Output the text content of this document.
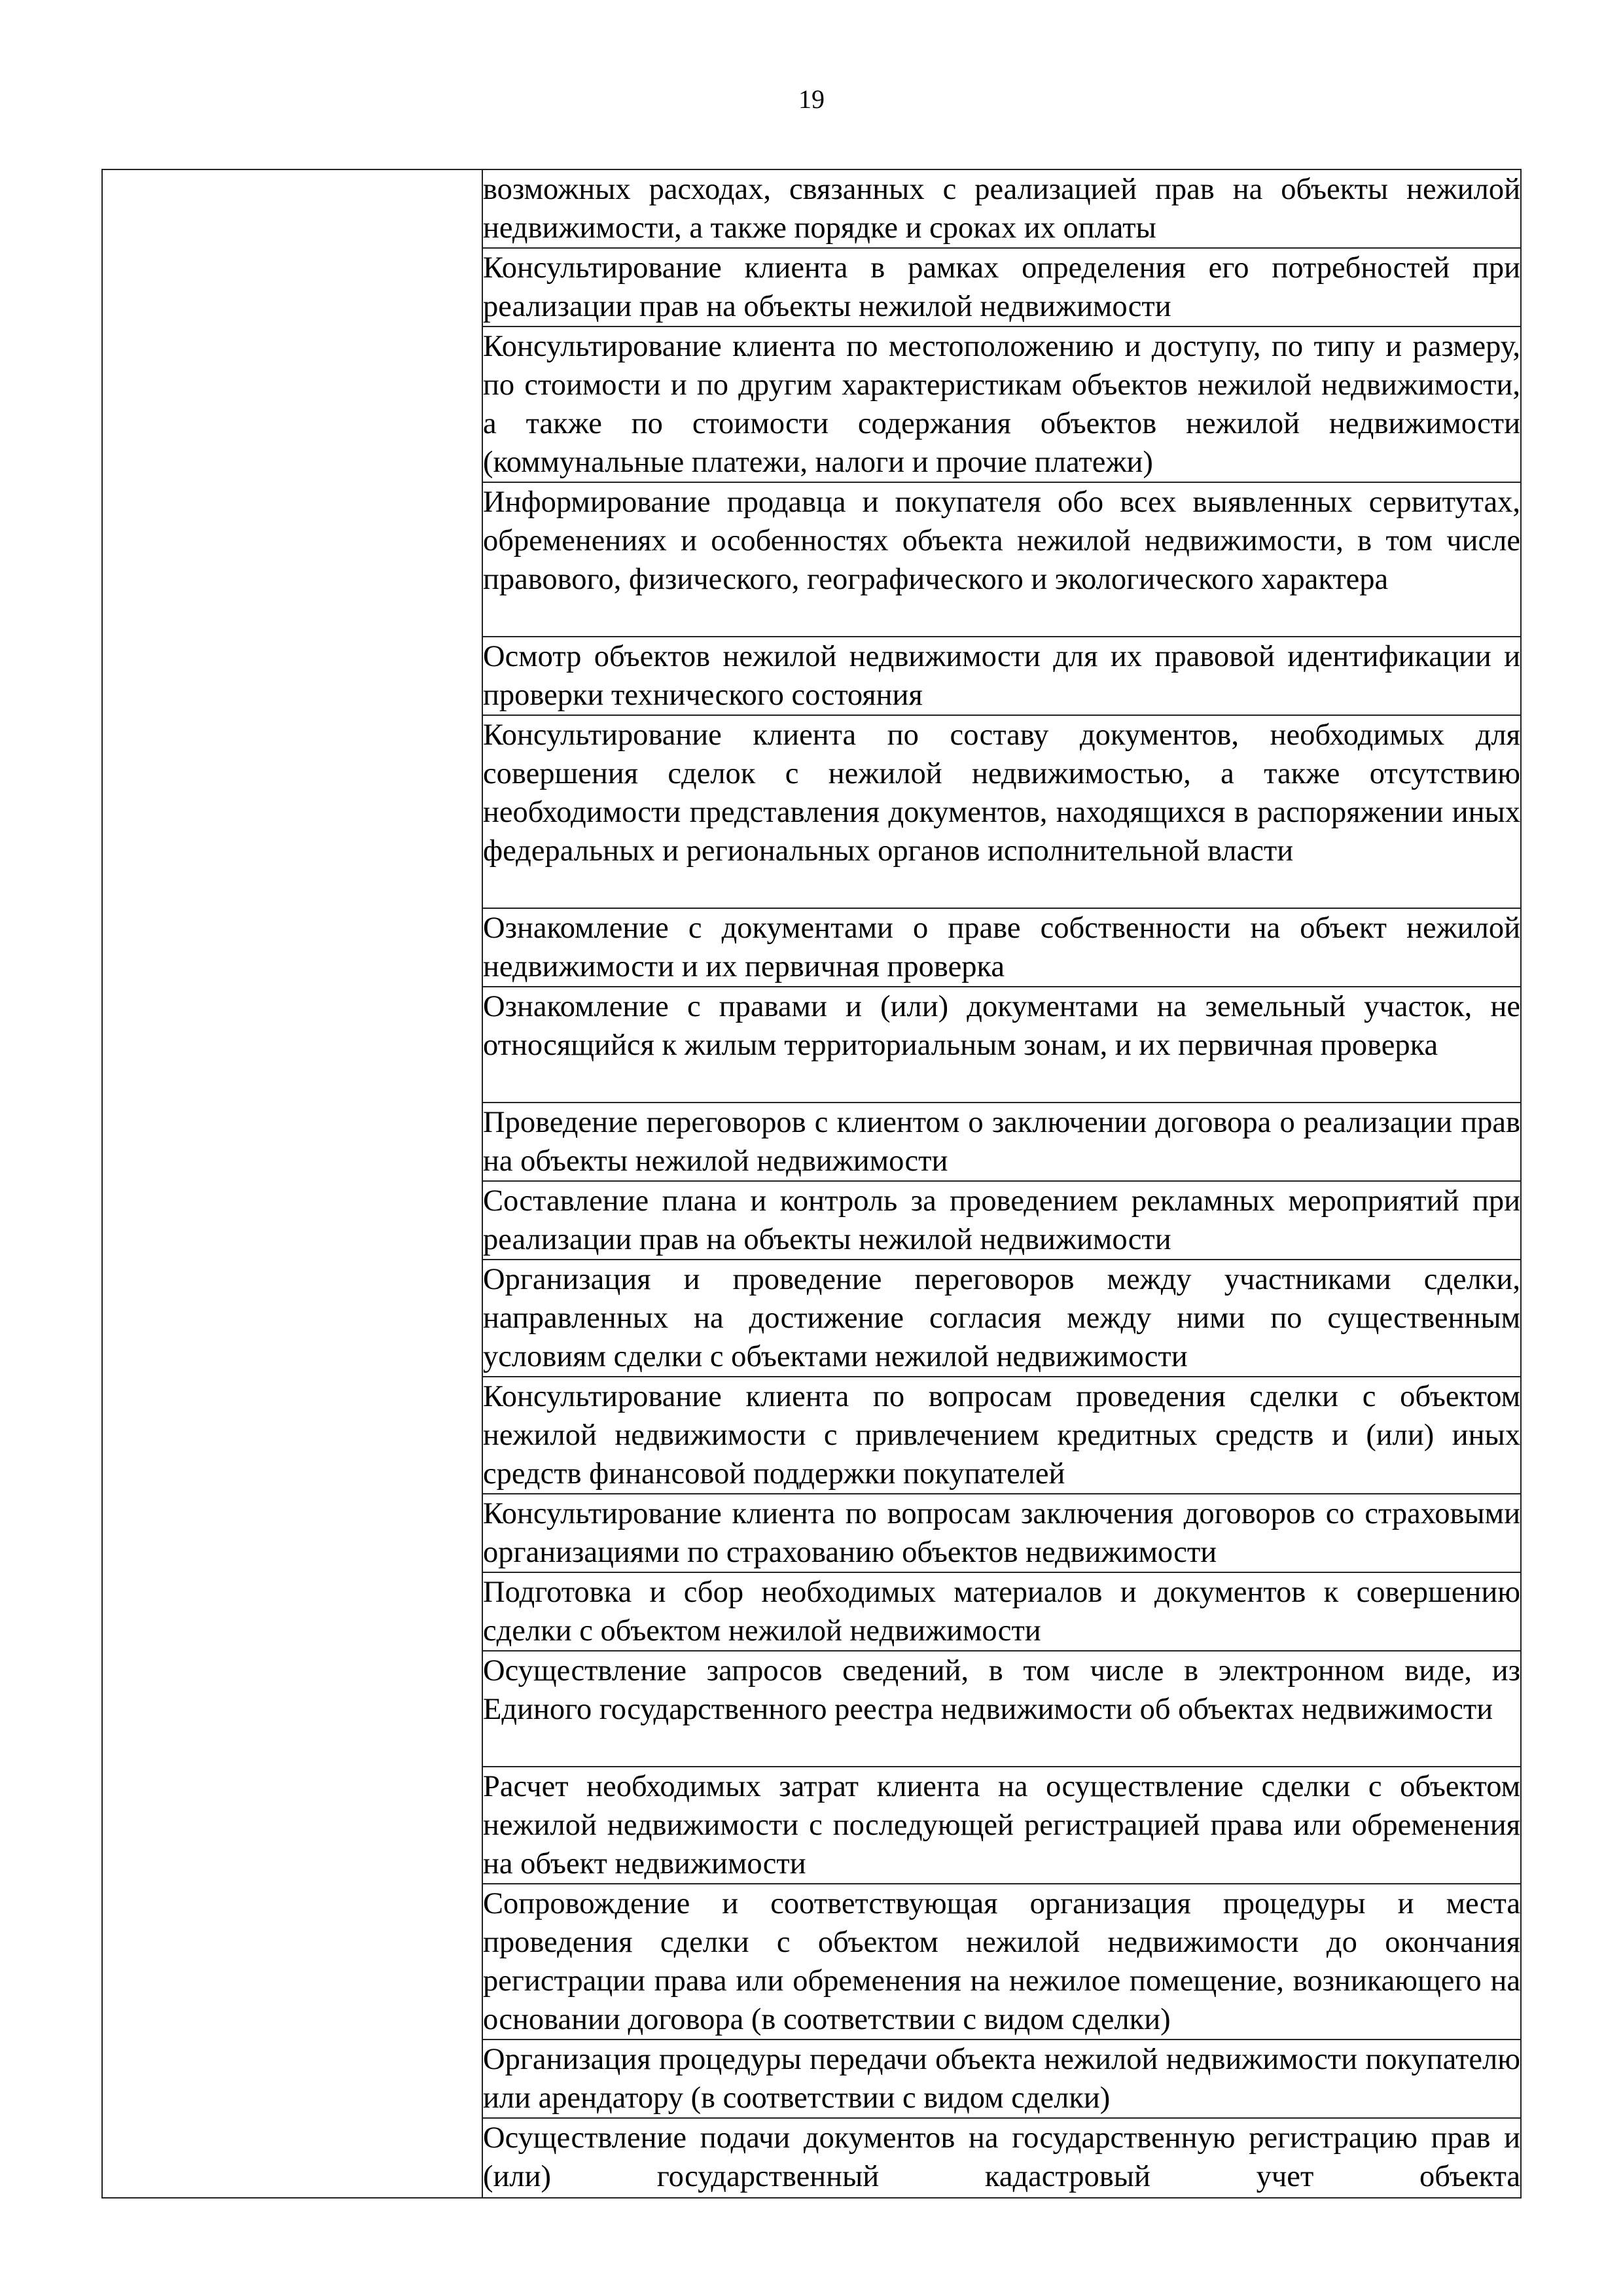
19
	возможных расходах, связанных с реализацией прав на объекты нежилой недвижимости, а также порядке и сроках их оплаты
Консультирование клиента в рамках определения его потребностей при реализации прав на объекты нежилой недвижимости
Консультирование клиента по местоположению и доступу, по типу и размеру, по стоимости и по другим характеристикам объектов нежилой недвижимости, а также по стоимости содержания объектов нежилой недвижимости (коммунальные платежи, налоги и прочие платежи)
Информирование продавца и покупателя обо всех выявленных сервитутах, обременениях и особенностях объекта нежилой недвижимости, в том числе правового, физического, географического и экологического характера
Осмотр объектов нежилой недвижимости для их правовой идентификации и проверки технического состояния
Консультирование клиента по составу документов, необходимых для совершения сделок с нежилой недвижимостью, а также отсутствию необходимости представления документов, находящихся в распоряжении иных федеральных и региональных органов исполнительной власти
Ознакомление с документами о праве собственности на объект нежилой недвижимости и их первичная проверка
Ознакомление с правами и (или) документами на земельный участок, не относящийся к жилым территориальным зонам, и их первичная проверка
Проведение переговоров с клиентом о заключении договора о реализации прав на объекты нежилой недвижимости
Составление плана и контроль за проведением рекламных мероприятий при реализации прав на объекты нежилой недвижимости
Организация и проведение переговоров между участниками сделки, направленных на достижение согласия между ними по существенным условиям сделки с объектами нежилой недвижимости
Консультирование клиента по вопросам проведения сделки с объектом нежилой недвижимости с привлечением кредитных средств и (или) иных средств финансовой поддержки покупателей
Консультирование клиента по вопросам заключения договоров со страховыми организациями по страхованию объектов недвижимости
Подготовка и сбор необходимых материалов и документов к совершению сделки с объектом нежилой недвижимости
Осуществление запросов сведений, в том числе в электронном виде, из Единого государственного реестра недвижимости об объектах недвижимости
Расчет необходимых затрат клиента на осуществление сделки с объектом нежилой недвижимости с последующей регистрацией права или обременения на объект недвижимости
Сопровождение и соответствующая организация процедуры и места проведения сделки с объектом нежилой недвижимости до окончания регистрации права или обременения на нежилое помещение, возникающего на основании договора (в соответствии с видом сделки)
Организация процедуры передачи объекта нежилой недвижимости покупателю или арендатору (в соответствии с видом сделки)
Осуществление подачи документов на государственную регистрацию прав и (или) государственный кадастровый учет объекта
